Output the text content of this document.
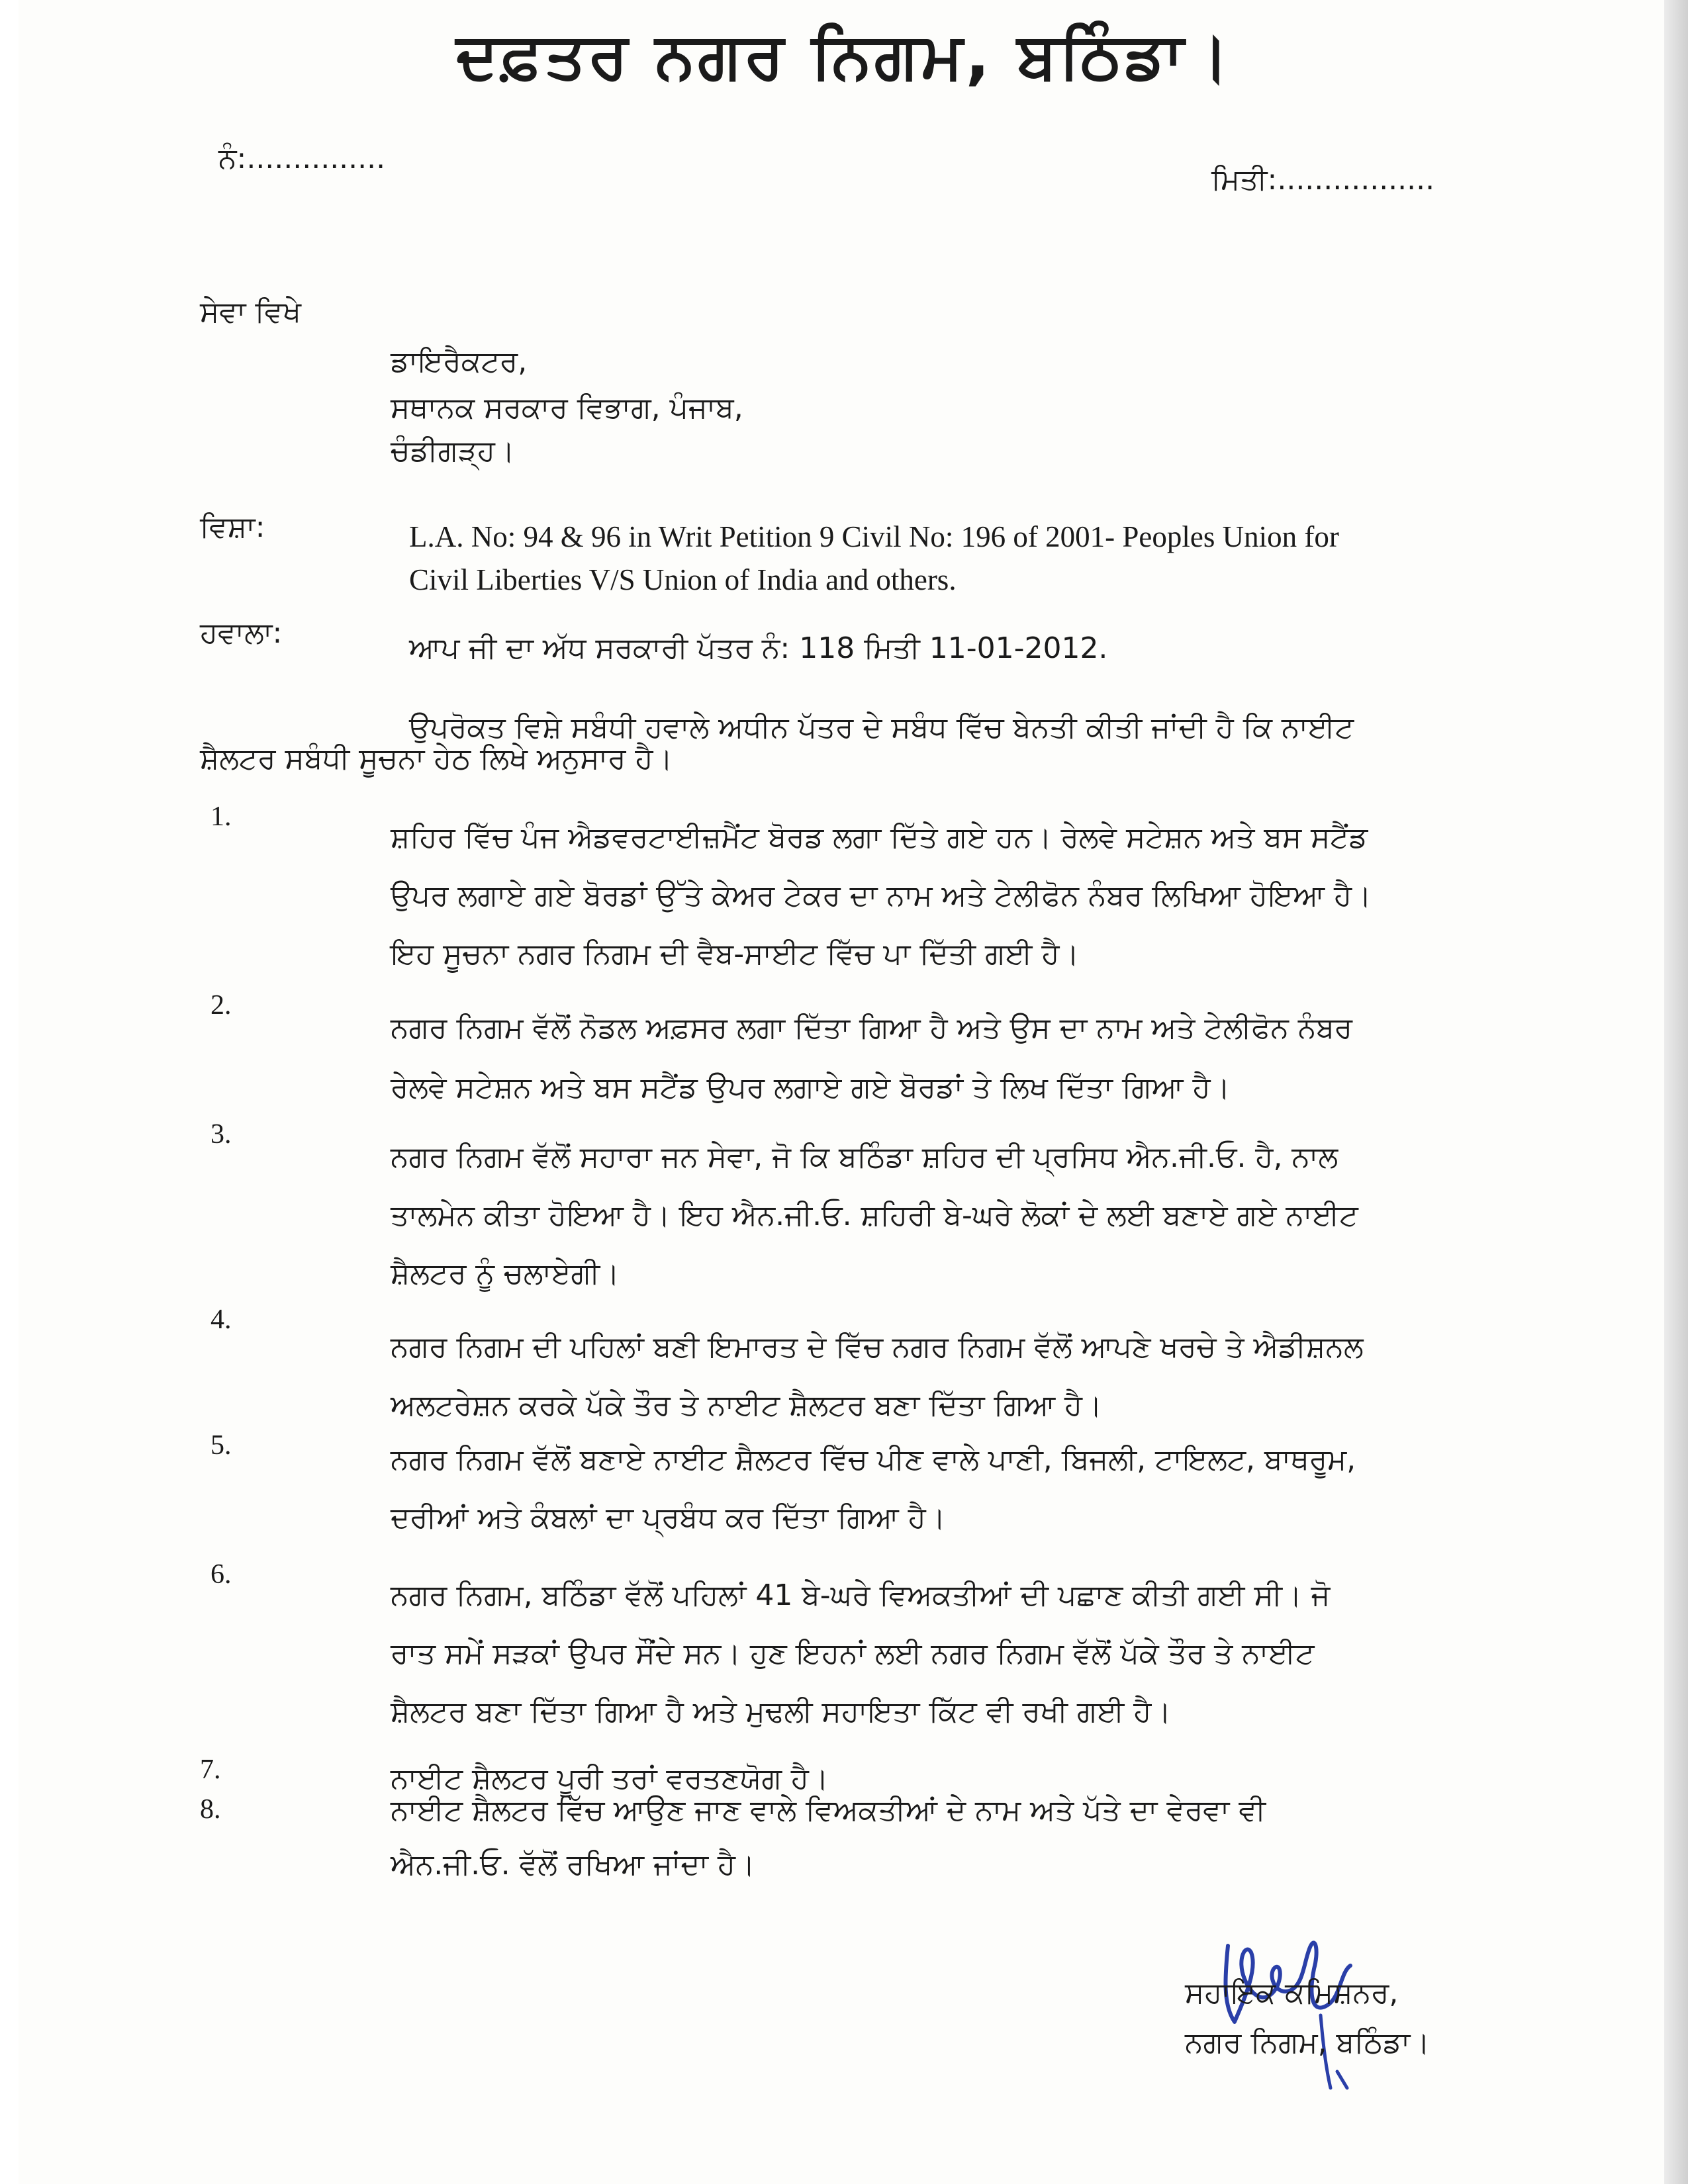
ਦਫ਼ਤਰ ਨਗਰ ਨਿਗਮ, ਬਠਿੰਡਾ।
ਨੰ:...............
ਮਿਤੀ:.................
ਸੇਵਾ ਵਿਖੇ
ਡਾਇਰੈਕਟਰ,
ਸਥਾਨਕ ਸਰਕਾਰ ਵਿਭਾਗ, ਪੰਜਾਬ,
ਚੰਡੀਗੜ੍ਹ।
ਵਿਸ਼ਾ:	L.A. No: 94 & 96 in Writ Petition 9 Civil No: 196 of 2001- Peoples Union for
Civil Liberties V/S Union of India and others.
ਹਵਾਲਾ:	ਆਪ ਜੀ ਦਾ ਅੱਧ ਸਰਕਾਰੀ ਪੱਤਰ ਨੰ: 118 ਮਿਤੀ 11-01-2012.
ਉਪਰੋਕਤ ਵਿਸ਼ੇ ਸਬੰਧੀ ਹਵਾਲੇ ਅਧੀਨ ਪੱਤਰ ਦੇ ਸਬੰਧ ਵਿੱਚ ਬੇਨਤੀ ਕੀਤੀ ਜਾਂਦੀ ਹੈ ਕਿ ਨਾਈਟ
ਸ਼ੈਲਟਰ ਸਬੰਧੀ ਸੂਚਨਾ ਹੇਠ ਲਿਖੇ ਅਨੁਸਾਰ ਹੈ।
1.
ਸ਼ਹਿਰ ਵਿੱਚ ਪੰਜ ਐਡਵਰਟਾਈਜ਼ਮੈਂਟ ਬੋਰਡ ਲਗਾ ਦਿੱਤੇ ਗਏ ਹਨ। ਰੇਲਵੇ ਸਟੇਸ਼ਨ ਅਤੇ ਬਸ ਸਟੈਂਡ
ਉਪਰ ਲਗਾਏ ਗਏ ਬੋਰਡਾਂ ਉੱਤੇ ਕੇਅਰ ਟੇਕਰ ਦਾ ਨਾਮ ਅਤੇ ਟੇਲੀਫੋਨ ਨੰਬਰ ਲਿਖਿਆ ਹੋਇਆ ਹੈ।
ਇਹ ਸੂਚਨਾ ਨਗਰ ਨਿਗਮ ਦੀ ਵੈਬ-ਸਾਈਟ ਵਿੱਚ ਪਾ ਦਿੱਤੀ ਗਈ ਹੈ।
2.
ਨਗਰ ਨਿਗਮ ਵੱਲੋਂ ਨੋਡਲ ਅਫ਼ਸਰ ਲਗਾ ਦਿੱਤਾ ਗਿਆ ਹੈ ਅਤੇ ਉਸ ਦਾ ਨਾਮ ਅਤੇ ਟੇਲੀਫੋਨ ਨੰਬਰ
ਰੇਲਵੇ ਸਟੇਸ਼ਨ ਅਤੇ ਬਸ ਸਟੈਂਡ ਉਪਰ ਲਗਾਏ ਗਏ ਬੋਰਡਾਂ ਤੇ ਲਿਖ ਦਿੱਤਾ ਗਿਆ ਹੈ।
3.
ਨਗਰ ਨਿਗਮ ਵੱਲੋਂ ਸਹਾਰਾ ਜਨ ਸੇਵਾ, ਜੋ ਕਿ ਬਠਿੰਡਾ ਸ਼ਹਿਰ ਦੀ ਪ੍ਰਸਿਧ ਐਨ.ਜੀ.ਓ. ਹੈ, ਨਾਲ
ਤਾਲਮੇਨ ਕੀਤਾ ਹੋਇਆ ਹੈ। ਇਹ ਐਨ.ਜੀ.ਓ. ਸ਼ਹਿਰੀ ਬੇ-ਘਰੇ ਲੋਕਾਂ ਦੇ ਲਈ ਬਣਾਏ ਗਏ ਨਾਈਟ
ਸ਼ੈਲਟਰ ਨੂੰ ਚਲਾਏਗੀ।
4.
ਨਗਰ ਨਿਗਮ ਦੀ ਪਹਿਲਾਂ ਬਣੀ ਇਮਾਰਤ ਦੇ ਵਿੱਚ ਨਗਰ ਨਿਗਮ ਵੱਲੋਂ ਆਪਣੇ ਖਰਚੇ ਤੇ ਐਡੀਸ਼ਨਲ
ਅਲਟਰੇਸ਼ਨ ਕਰਕੇ ਪੱਕੇ ਤੌਰ ਤੇ ਨਾਈਟ ਸ਼ੈਲਟਰ ਬਣਾ ਦਿੱਤਾ ਗਿਆ ਹੈ।
5.	ਨਗਰ ਨਿਗਮ ਵੱਲੋਂ ਬਣਾਏ ਨਾਈਟ ਸ਼ੈਲਟਰ ਵਿੱਚ ਪੀਣ ਵਾਲੇ ਪਾਣੀ, ਬਿਜਲੀ, ਟਾਇਲਟ, ਬਾਥਰੂਮ,
ਦਰੀਆਂ ਅਤੇ ਕੰਬਲਾਂ ਦਾ ਪ੍ਰਬੰਧ ਕਰ ਦਿੱਤਾ ਗਿਆ ਹੈ।
6.
ਨਗਰ ਨਿਗਮ, ਬਠਿੰਡਾ ਵੱਲੋਂ ਪਹਿਲਾਂ 41 ਬੇ-ਘਰੇ ਵਿਅਕਤੀਆਂ ਦੀ ਪਛਾਣ ਕੀਤੀ ਗਈ ਸੀ। ਜੋ
ਰਾਤ ਸਮੇਂ ਸੜਕਾਂ ਉਪਰ ਸੌਂਦੇ ਸਨ। ਹੁਣ ਇਹਨਾਂ ਲਈ ਨਗਰ ਨਿਗਮ ਵੱਲੋਂ ਪੱਕੇ ਤੌਰ ਤੇ ਨਾਈਟ
ਸ਼ੈਲਟਰ ਬਣਾ ਦਿੱਤਾ ਗਿਆ ਹੈ ਅਤੇ ਮੁਢਲੀ ਸਹਾਇਤਾ ਕਿੱਟ ਵੀ ਰਖੀ ਗਈ ਹੈ।
7.	ਨਾਈਟ ਸ਼ੈਲਟਰ ਪੂਰੀ ਤਰਾਂ ਵਰਤਣਯੋਗ ਹੈ।
8.	ਨਾਈਟ ਸ਼ੈਲਟਰ ਵਿੱਚ ਆਉਣ ਜਾਣ ਵਾਲੇ ਵਿਅਕਤੀਆਂ ਦੇ ਨਾਮ ਅਤੇ ਪੱਤੇ ਦਾ ਵੇਰਵਾ ਵੀ
ਐਨ.ਜੀ.ਓ. ਵੱਲੋਂ ਰਖਿਆ ਜਾਂਦਾ ਹੈ।
ਸਹਾਇਕ ਕਮਿਸ਼ਨਰ,
ਨਗਰ ਨਿਗਮ, ਬਠਿੰਡਾ।
